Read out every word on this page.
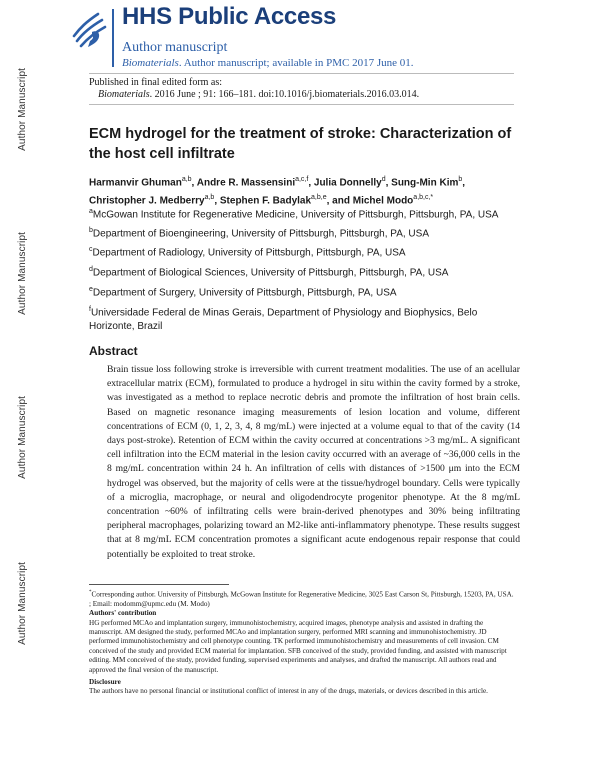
Author Manuscript
Author Manuscript
Author Manuscript
Author Manuscript
HHS Public Access
Author manuscript
Biomaterials. Author manuscript; available in PMC 2017 June 01.
Published in final edited form as:
Biomaterials. 2016 June ; 91: 166–181. doi:10.1016/j.biomaterials.2016.03.014.
ECM hydrogel for the treatment of stroke: Characterization of the host cell infiltrate
Harmanvir Ghuman$^{a,b}$, Andre R. Massensini$^{a,c,f}$, Julia Donnelly$^d$, Sung-Min Kim$^b$, Christopher J. Medberry$^{a,b}$, Stephen F. Badylak$^{a,b,e}$, and Michel Modo$^{a,b,c,*}$
$^a$McGowan Institute for Regenerative Medicine, University of Pittsburgh, Pittsburgh, PA, USA
$^b$Department of Bioengineering, University of Pittsburgh, Pittsburgh, PA, USA
$^c$Department of Radiology, University of Pittsburgh, Pittsburgh, PA, USA
$^d$Department of Biological Sciences, University of Pittsburgh, Pittsburgh, PA, USA
$^e$Department of Surgery, University of Pittsburgh, Pittsburgh, PA, USA
$^f$Universidade Federal de Minas Gerais, Department of Physiology and Biophysics, Belo Horizonte, Brazil
Abstract
Brain tissue loss following stroke is irreversible with current treatment modalities. The use of an acellular extracellular matrix (ECM), formulated to produce a hydrogel in situ within the cavity formed by a stroke, was investigated as a method to replace necrotic debris and promote the infiltration of host brain cells. Based on magnetic resonance imaging measurements of lesion location and volume, different concentrations of ECM (0, 1, 2, 3, 4, 8 mg/mL) were injected at a volume equal to that of the cavity (14 days post-stroke). Retention of ECM within the cavity occurred at concentrations >3 mg/mL. A significant cell infiltration into the ECM material in the lesion cavity occurred with an average of ~36,000 cells in the 8 mg/mL concentration within 24 h. An infiltration of cells with distances of >1500 μm into the ECM hydrogel was observed, but the majority of cells were at the tissue/hydrogel boundary. Cells were typically of a microglia, macrophage, or neural and oligodendrocyte progenitor phenotype. At the 8 mg/mL concentration ~60% of infiltrating cells were brain-derived phenotypes and 30% being infiltrating peripheral macrophages, polarizing toward an M2-like anti-inflammatory phenotype. These results suggest that at 8 mg/mL ECM concentration promotes a significant acute endogenous repair response that could potentially be exploited to treat stroke.

*Corresponding author. University of Pittsburgh, McGowan Institute for Regenerative Medicine, 3025 East Carson St, Pittsburgh, 15203, PA, USA. ; Email: modomm@upmc.edu (M. Modo)

Authors' contribution

HG performed MCAo and implantation surgery, immunohistochemistry, acquired images, phenotype analysis and assisted in drafting the manuscript. AM designed the study, performed MCAo and implantation surgery, performed MRI scanning and immunohistochemistry. JD performed immunohistochemistry and cell phenotype counting. TK performed immunohistochemistry and measurements of cell invasion. CM conceived of the study and provided ECM material for implantation. SFB conceived of the study, provided funding, and assisted with manuscript editing. MM conceived of the study, provided funding, supervised experiments and analyses, and drafted the manuscript. All authors read and approved the final version of the manuscript.

Disclosure

The authors have no personal financial or institutional conflict of interest in any of the drugs, materials, or devices described in this article.
